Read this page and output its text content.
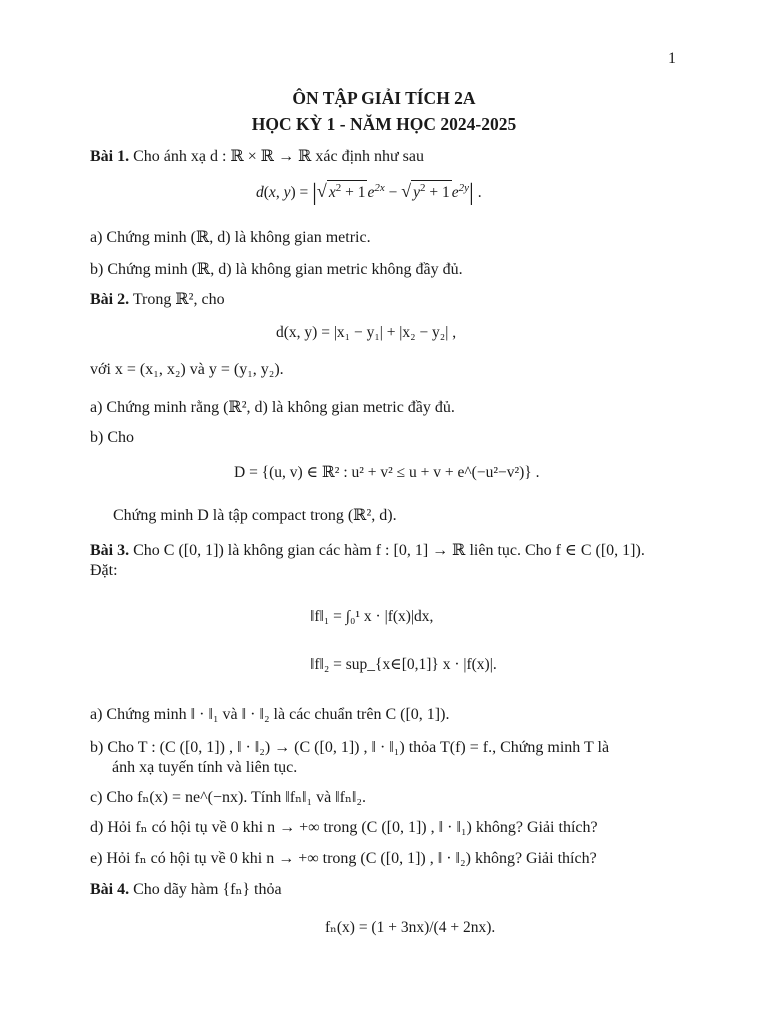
1
ÔN TẬP GIẢI TÍCH 2A
HỌC KỲ 1 - NĂM HỌC 2024-2025
Bài 1. Cho ánh xạ d : ℝ × ℝ → ℝ xác định như sau
d(x, y) = |√ $x^2 + 1$ $e^{2x}$ − √ $y^2 + 1$ $e^{2y}|$ .
a) Chứng minh (ℝ, d) là không gian metric.
b) Chứng minh (ℝ, d) là không gian metric không đầy đủ.
Bài 2. Trong ℝ², cho
d(x, y) = |x₁ − y₁| + |x₂ − y₂| ,
với x = (x₁, x₂) và y = (y₁, y₂).
a) Chứng minh rằng (ℝ², d) là không gian metric đầy đủ.
b) Cho
D = {(u, v) ∈ ℝ² : u² + v² ≤ u + v + e^(−u²−v²)} .
Chứng minh D là tập compact trong (ℝ², d).
Bài 3. Cho C ([0, 1]) là không gian các hàm f : [0, 1] → ℝ liên tục. Cho f ∈ C ([0, 1]).
Đặt:
‖f‖₁ = ∫₀¹ x · |f(x)|dx,
‖f‖₂ = sup_{x∈[0,1]} x · |f(x)|.
a) Chứng minh ‖ · ‖₁ và ‖ · ‖₂ là các chuẩn trên C ([0, 1]).
b) Cho T : (C ([0, 1]) , ‖ · ‖₂) → (C ([0, 1]) , ‖ · ‖₁) thỏa T(f) = f., Chứng minh T là
ánh xạ tuyến tính và liên tục.
c) Cho fₙ(x) = ne^(−nx). Tính ‖fₙ‖₁ và ‖fₙ‖₂.
d) Hỏi fₙ có hội tụ về 0 khi n → +∞ trong (C ([0, 1]) , ‖ · ‖₁) không? Giải thích?
e) Hỏi fₙ có hội tụ về 0 khi n → +∞ trong (C ([0, 1]) , ‖ · ‖₂) không? Giải thích?
Bài 4. Cho dãy hàm {fₙ} thỏa
fₙ(x) = (1 + 3nx)/(4 + 2nx).
